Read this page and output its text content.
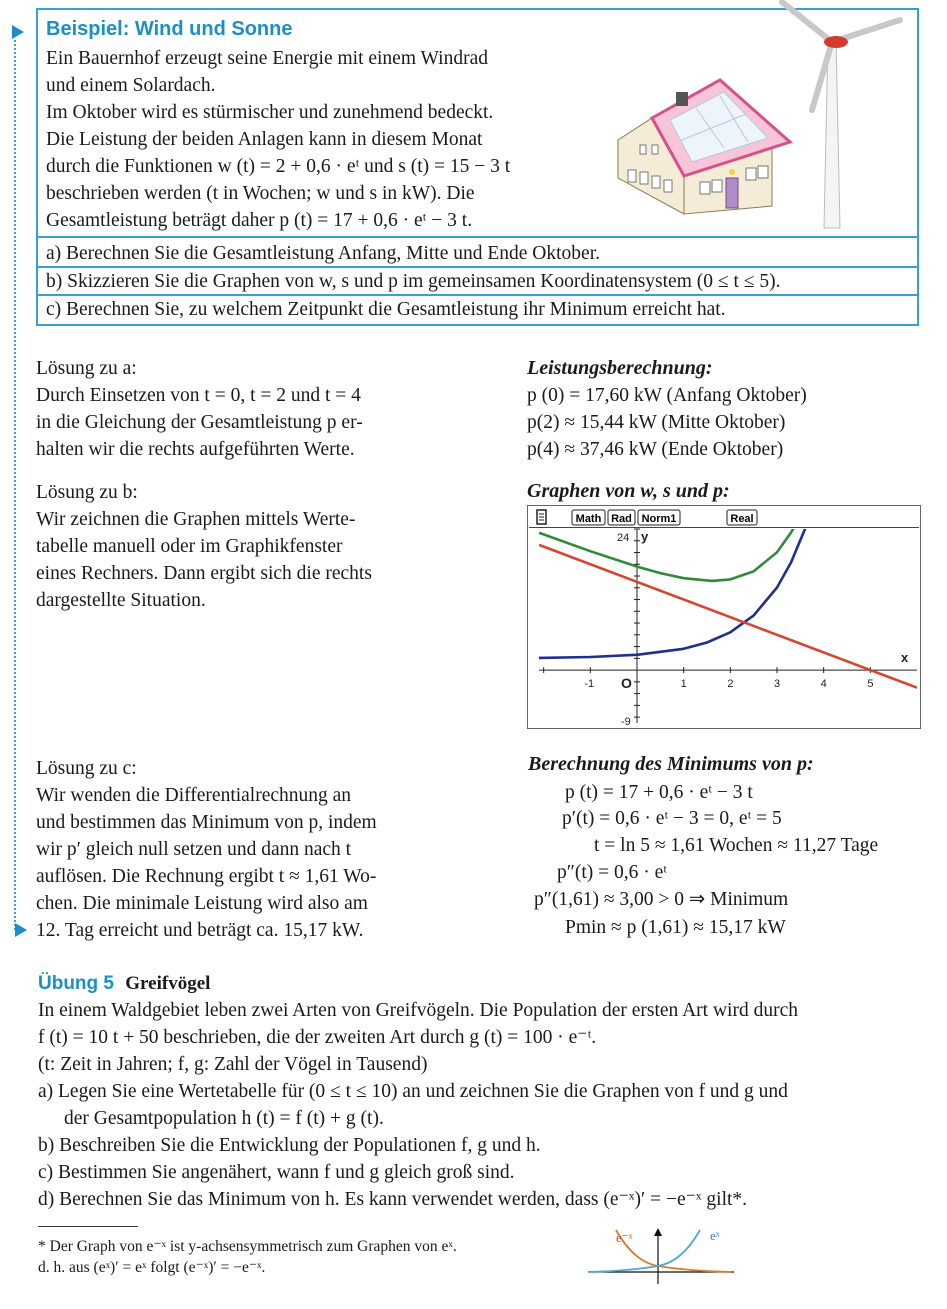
Beispiel: Wind und Sonne
Ein Bauernhof erzeugt seine Energie mit einem Windrad
und einem Solardach.
Im Oktober wird es stürmischer und zunehmend bedeckt.
Die Leistung der beiden Anlagen kann in diesem Monat
durch die Funktionen w (t) = 2 + 0,6 · eᵗ und s (t) = 15 − 3 t
beschrieben werden (t in Wochen; w und s in kW). Die
Gesamtleistung beträgt daher p (t) = 17 + 0,6 · eᵗ − 3 t.
a) Berechnen Sie die Gesamtleistung Anfang, Mitte und Ende Oktober.
b) Skizzieren Sie die Graphen von w, s und p im gemeinsamen Koordinatensystem (0 ≤ t ≤ 5).
c) Berechnen Sie, zu welchem Zeitpunkt die Gesamtleistung ihr Minimum erreicht hat.
Lösung zu a:
Durch Einsetzen von t = 0, t = 2 und t = 4
in die Gleichung der Gesamtleistung p er-
halten wir die rechts aufgeführten Werte.
Leistungsberechnung:
p (0) = 17,60 kW (Anfang Oktober)
p(2) ≈ 15,44 kW (Mitte Oktober)
p(4) ≈ 37,46 kW (Ende Oktober)
Lösung zu b:
Wir zeichnen die Graphen mittels Werte-
tabelle manuell oder im Graphikfenster
eines Rechners. Dann ergibt sich die rechts
dargestellte Situation.
Graphen von w, s und p:
Math Rad Norm1	Real
-1	1	2	3	4	5
24
-9
y
x
O
Lösung zu c:
Wir wenden die Differentialrechnung an
und bestimmen das Minimum von p, indem
wir p′ gleich null setzen und dann nach t
auflösen. Die Rechnung ergibt t ≈ 1,61 Wo-
chen. Die minimale Leistung wird also am
12. Tag erreicht und beträgt ca. 15,17 kW.
Berechnung des Minimums von p:
p (t) = 17 + 0,6 · eᵗ − 3 t
p′(t) = 0,6 · eᵗ − 3 = 0, eᵗ = 5
t = ln 5 ≈ 1,61 Wochen ≈ 11,27 Tage
p″(t) = 0,6 · eᵗ
p″(1,61) ≈ 3,00 > 0 ⇒ Minimum
Pmin ≈ p (1,61) ≈ 15,17 kW
Übung 5 Greifvögel
In einem Waldgebiet leben zwei Arten von Greifvögeln. Die Population der ersten Art wird durch
f (t) = 10 t + 50 beschrieben, die der zweiten Art durch g (t) = 100 · e⁻ᵗ.
(t: Zeit in Jahren; f, g: Zahl der Vögel in Tausend)
a) Legen Sie eine Wertetabelle für (0 ≤ t ≤ 10) an und zeichnen Sie die Graphen von f und g und
der Gesamtpopulation h (t) = f (t) + g (t).
b) Beschreiben Sie die Entwicklung der Populationen f, g und h.
c) Bestimmen Sie angenähert, wann f und g gleich groß sind.
d) Berechnen Sie das Minimum von h. Es kann verwendet werden, dass (e⁻ˣ)′ = −e⁻ˣ gilt*.
* Der Graph von e⁻ˣ ist y-achsensymmetrisch zum Graphen von eˣ.
d. h. aus (eˣ)′ = eˣ folgt (e⁻ˣ)′ = −e⁻ˣ.
e⁻ˣ	eˣ
